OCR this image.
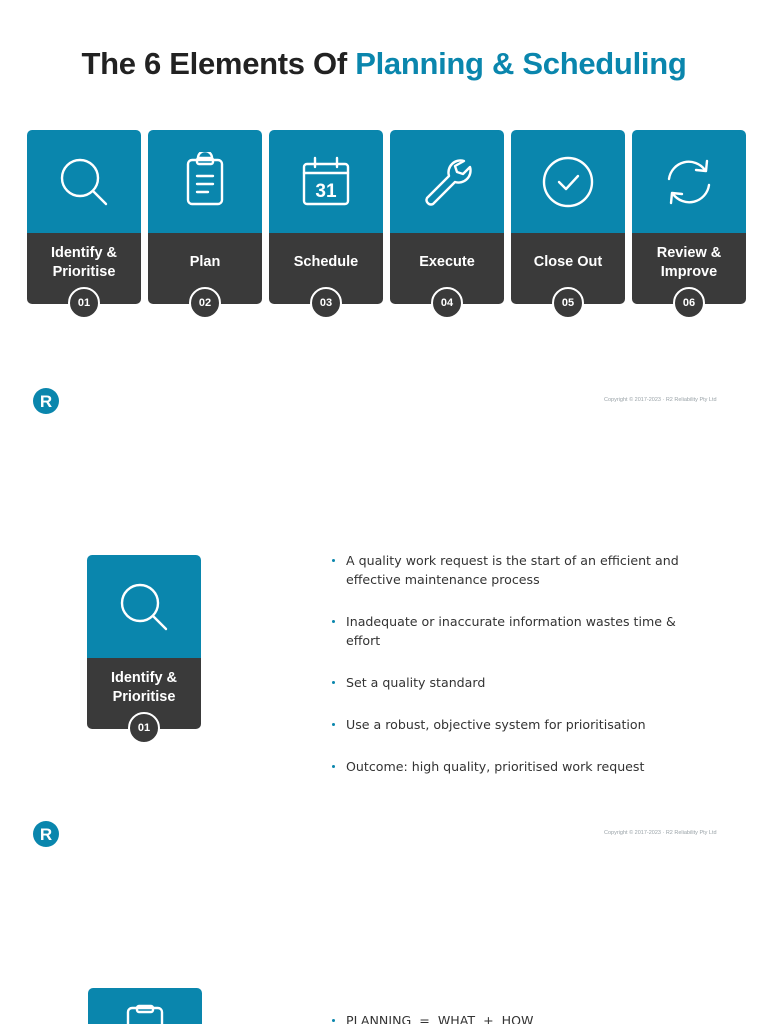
The 6 Elements Of Planning & Scheduling
Identify &
Prioritise
01
Plan
02
31
Schedule
03
Execute
04
Close Out
05
Review &
Improve
06
R	Copyright © 2017-2023 · R2 Reliability Pty Ltd
Identify &
Prioritise
01
A quality work request is the start of an efficient and effective maintenance process
Inadequate or inaccurate information wastes time & effort
Set a quality standard
Use a robust, objective system for prioritisation
Outcome: high quality, prioritised work request
R	Copyright © 2017-2023 · R2 Reliability Pty Ltd
PLANNING  =  WHAT  +  HOW
